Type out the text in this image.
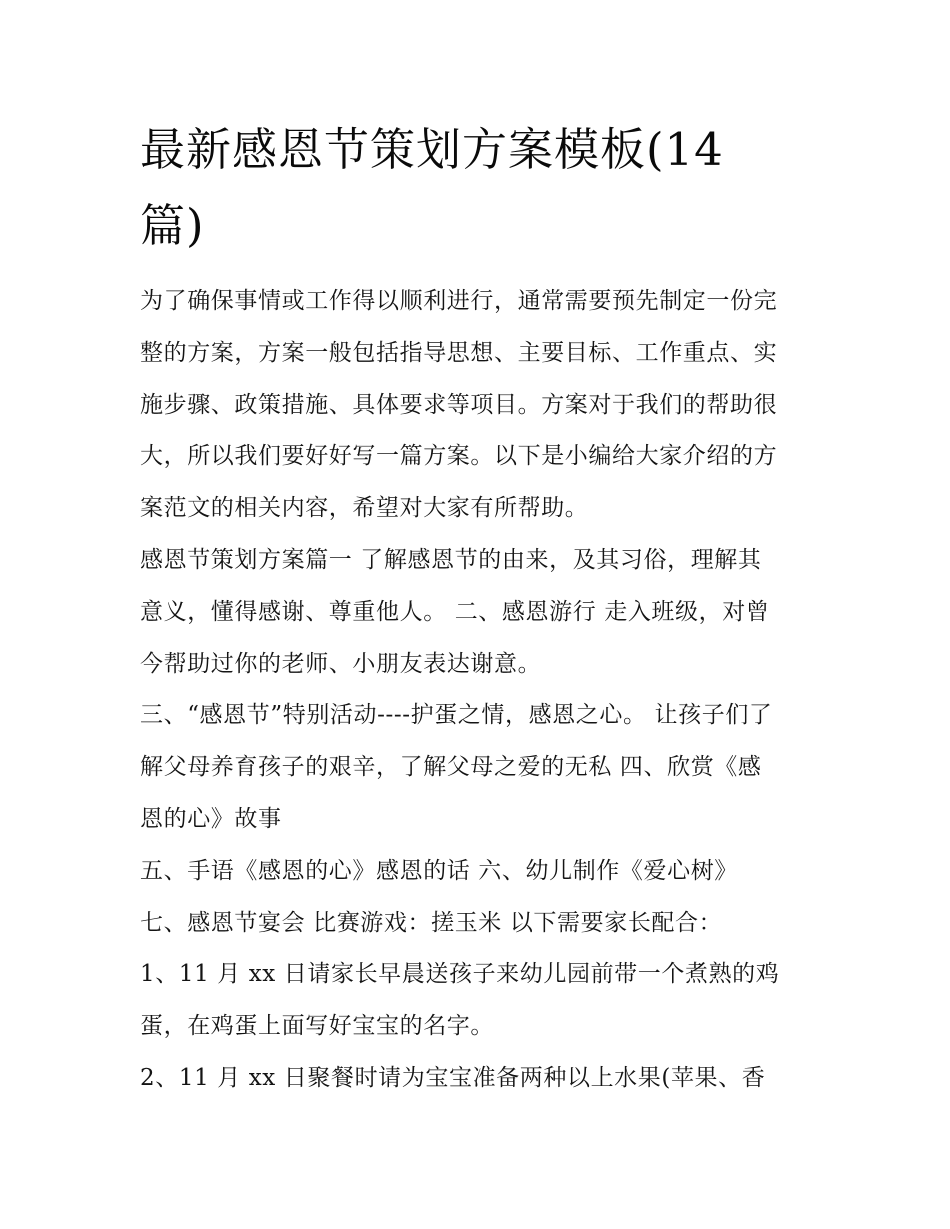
最新感恩节策划方案模板(14
篇)

为了确保事情或工作得以顺利进行，通常需要预先制定一份完
整的方案，方案一般包括指导思想、主要目标、工作重点、实
施步骤、政策措施、具体要求等项目。方案对于我们的帮助很
大，所以我们要好好写一篇方案。以下是小编给大家介绍的方
案范文的相关内容，希望对大家有所帮助。

感恩节策划方案篇一 了解感恩节的由来，及其习俗，理解其
意义，懂得感谢、尊重他人。 二、感恩游行 走入班级，对曾
今帮助过你的老师、小朋友表达谢意。

三、“感恩节”特别活动----护蛋之情，感恩之心。 让孩子们了
解父母养育孩子的艰辛，了解父母之爱的无私 四、欣赏《感
恩的心》故事

五、手语《感恩的心》感恩的话 六、幼儿制作《爱心树》

七、感恩节宴会 比赛游戏：搓玉米 以下需要家长配合：

1、11 月 xx 日请家长早晨送孩子来幼儿园前带一个煮熟的鸡
蛋，在鸡蛋上面写好宝宝的名字。

2、11 月 xx 日聚餐时请为宝宝准备两种以上水果(苹果、香
